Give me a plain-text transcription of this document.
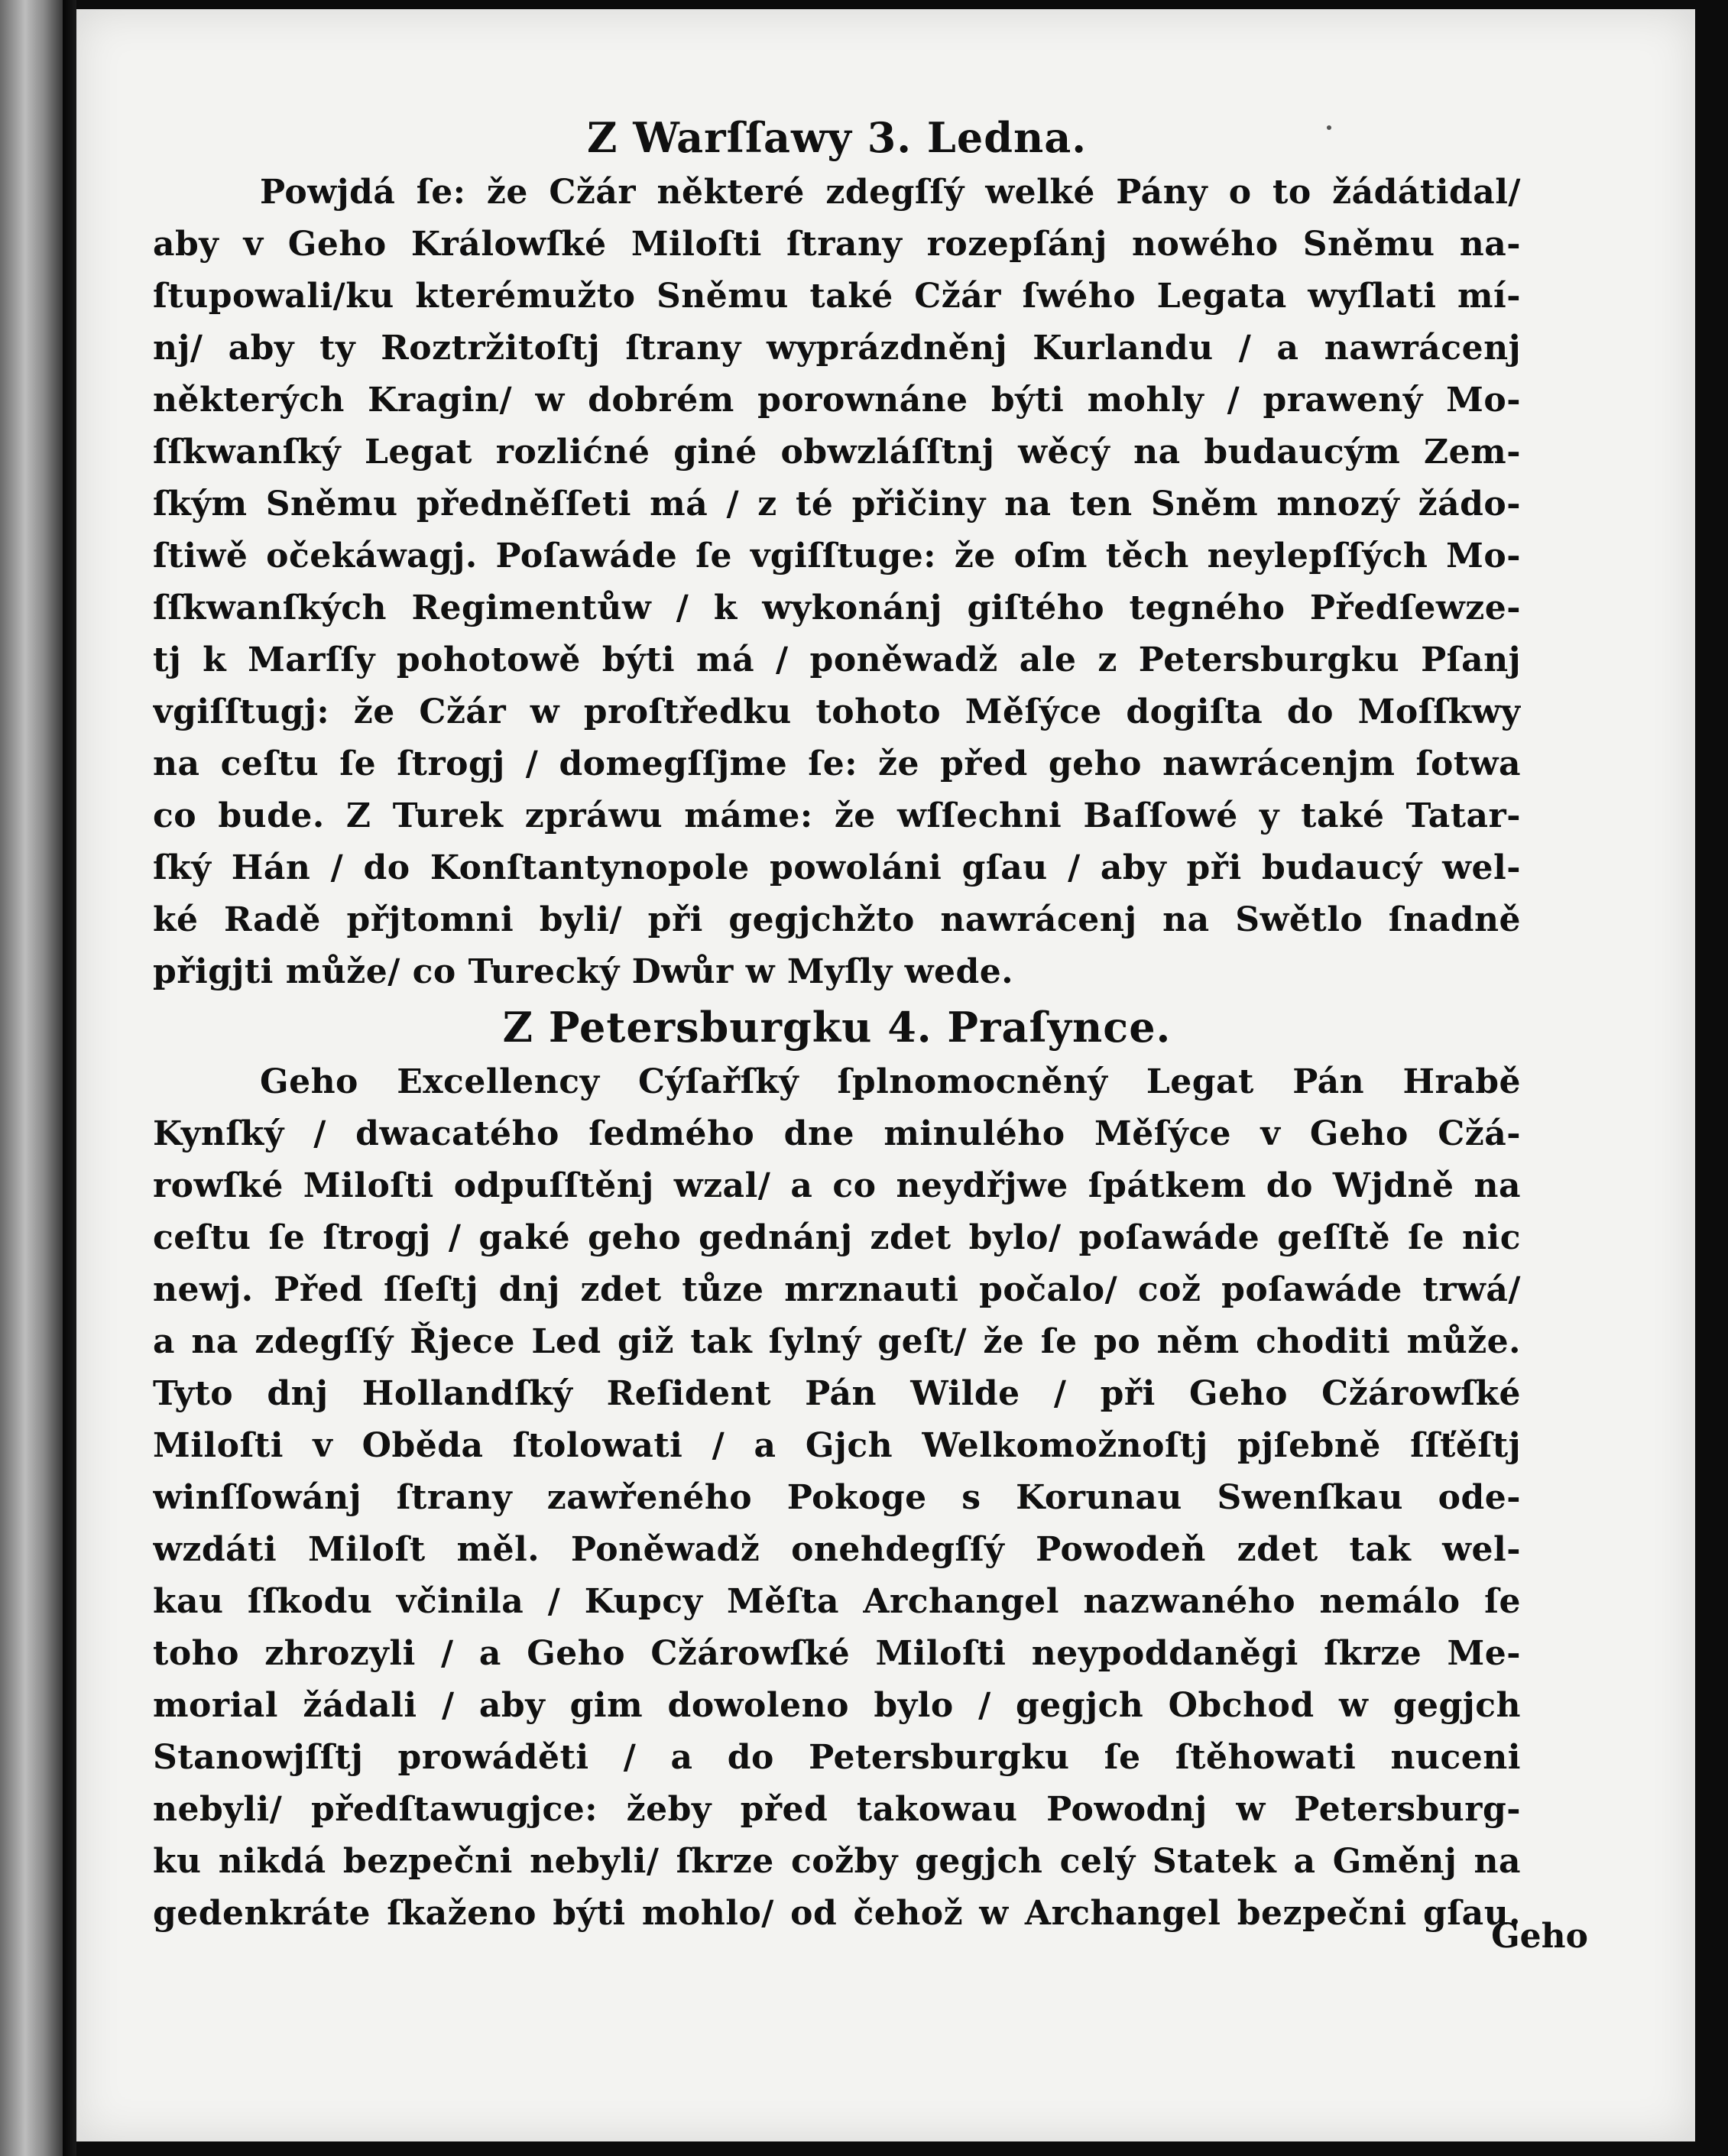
Z Warſſawy 3. Ledna.
Powjdá ſe: že Cžár některé zdegſſý welké Pány o to žádátidal/
aby v Geho Králowſké Miloſti ſtrany rozepſánj nowého Sněmu na-
ſtupowali/ku kterémužto Sněmu také Cžár ſwého Legata wyſlati mí-
nj/ aby ty Roztržitoſtj ſtrany wyprázdněnj Kurlandu / a nawrácenj
některých Kragin/ w dobrém porownáne býti mohly / prawený Mo-
ſſkwanſký Legat rozlićné giné obwzláſſtnj wěcý na budaucým Zem-
ſkým Sněmu předněſſeti má / z té přičiny na ten Sněm mnozý žádo-
ſtiwě očekáwagj. Poſawáde ſe vgiſſtuge: že oſm těch neylepſſých Mo-
ſſkwanſkých Regimentůw / k wykonánj giſtého tegného Předſewze-
tj k Marſſy pohotowě býti má / poněwadž ale z Petersburgku Pſanj
vgiſſtugj: že Cžár w proſtředku tohoto Měſýce dogiſta do Moſſkwy
na ceſtu ſe ſtrogj / domegſſjme ſe: že před geho nawrácenjm ſotwa
co bude. Z Turek zpráwu máme: že wſſechni Baſſowé y také Tatar-
ſký Hán / do Konſtantynopole powoláni gſau / aby při budaucý wel-
ké Radě přjtomni byli/ při gegjchžto nawrácenj na Swětlo ſnadně
přigjti může/ co Turecký Dwůr w Myſly wede.
Z Petersburgku 4. Praſynce.
Geho Excellency Cýſařſký ſplnomocněný Legat Pán Hrabě
Kynſký / dwacatého ſedmého dne minulého Měſýce v Geho Cžá-
rowſké Miloſti odpuſſtěnj wzal/ a co neydřjwe ſpátkem do Wjdně na
ceſtu ſe ſtrogj / gaké geho gednánj zdet bylo/ poſawáde geſſtě ſe nic
newj. Před ſſeſtj dnj zdet tůze mrznauti počalo/ což poſawáde trwá/
a na zdegſſý Řjece Led giž tak ſylný geſt/ že ſe po něm choditi může.
Tyto dnj Hollandſký Reſident Pán Wilde / při Geho Cžárowſké
Miloſti v Oběda ſtolowati / a Gjch Welkomožnoſtj pjſebně ſſťěſtj
winſſowánj ſtrany zawřeného Pokoge s Korunau Swenſkau ode-
wzdáti Miloſt měl. Poněwadž onehdegſſý Powodeň zdet tak wel-
kau ſſkodu včinila / Kupcy Měſta Archangel nazwaného nemálo ſe
toho zhrozyli / a Geho Cžárowſké Miloſti neypoddaněgi ſkrze Me-
morial žádali / aby gim dowoleno bylo / gegjch Obchod w gegjch
Stanowjſſtj prowáděti / a do Petersburgku ſe ſtěhowati nuceni
nebyli/ předſtawugjce: žeby před takowau Powodnj w Petersburg-
ku nikdá bezpečni nebyli/ ſkrze cožby gegjch celý Statek a Gměnj na
gedenkráte ſkaženo býti mohlo/ od čehož w Archangel bezpečni gſau.
Geho
